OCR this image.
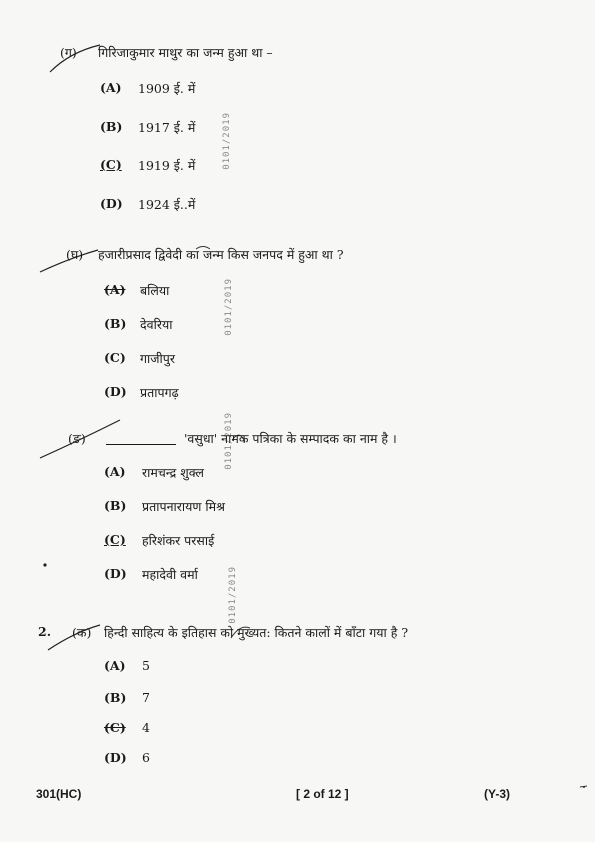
0101/2019
0101/2019
0101/2019
0101/2019
(ग) गिरिजाकुमार माथुर का जन्म हुआ था –
(A) 1909 ई. में
(B) 1917 ई. में
(C) 1919 ई. में
(D) 1924 ई..में
(घ) हजारीप्रसाद द्विवेदी का जन्म किस जनपद में हुआ था ?
(A) बलिया
(B) देवरिया
(C) गाजीपुर
(D) प्रतापगढ़
(ङ)	'वसुधा' नामक पत्रिका के सम्पादक का नाम है ।
(A) रामचन्द्र शुक्ल
(B) प्रतापनारायण मिश्र
(C) हरिशंकर परसाई
(D) महादेवी वर्मा
2. (क) हिन्दी साहित्य के इतिहास को मुख्यत: कितने कालों में बाँटा गया है ?
(A) 5
(B) 7
(C) 4
(D) 6
301(HC)	[ 2 of 12 ]	(Y-3)
